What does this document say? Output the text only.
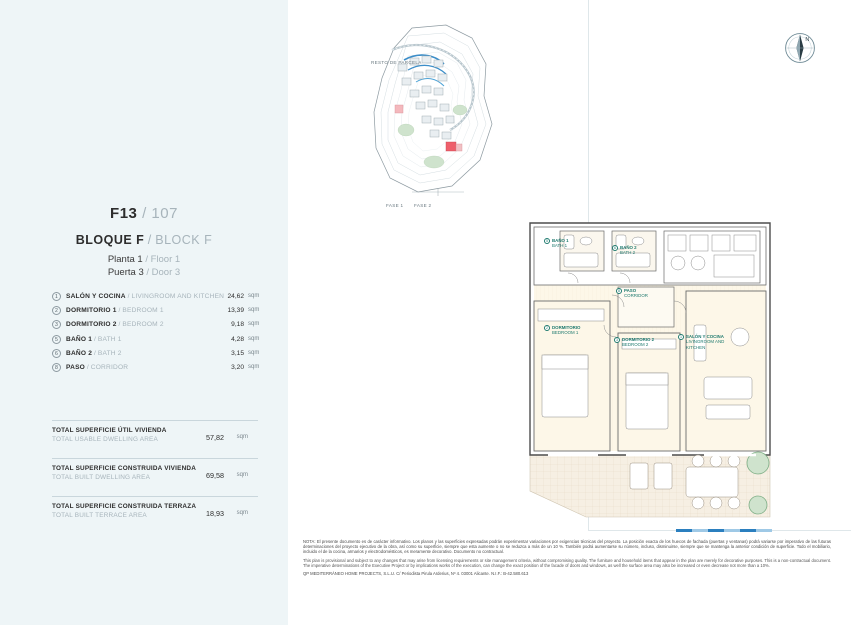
F13 / 107
BLOQUE F / BLOCK F
Planta 1 / Floor 1
Puerta 3 / Door 3
1	SALÓN Y COCINA / LIVINGROOM AND KITCHEN 24,62 sqm
2	DORMITORIO 1 / BEDROOM 1	13,39 sqm
3	DORMITORIO 2 / BEDROOM 2	9,18 sqm
5	BAÑO 1 / BATH 1	4,28 sqm
6	BAÑO 2 / BATH 2	3,15 sqm
8	PASO / CORRIDOR	3,20 sqm
TOTAL SUPERFICIE ÚTIL VIVIENDA
TOTAL USABLE DWELLING AREA	57,82 sqm
TOTAL SUPERFICIE CONSTRUIDA VIVIENDA
TOTAL BUILT DWELLING AREA	69,58 sqm
TOTAL SUPERFICIE CONSTRUIDA TERRAZA
TOTAL BUILT TERRACE AREA	18,93 sqm
N
RESTO DE PARCELA
FASE 1 FASE 2
5 BAÑO 1
BATH 1	6 BAÑO 2
BATH 2
8 PASO
CORRIDOR
2 DORMITORIO
BEDROOM 1
3 DORMITORIO 2
BEDROOM 2
1 SALÓN Y COCINA
LIVINGROOM AND KITCHEN

NOTA: El presente documento es de carácter informativo. Los planos y las superficies expresadas podrán experimentar variaciones por exigencias técnicas del proyecto. La posición exacta de los huecos de fachada (puertas y ventanas) podrá variarse por imperativo de las futuras determinaciones del proyecto ejecutivo de la obra, así como su superficie, siempre que esta aumente o no se reduzca a más de un 10 %. También podrá aumentarse su número, incluso, disminuirse, siempre que se mantenga la anterior condición de superficie. Todo el mobiliario, incluido el de la cocina, armarios y electrodomésticos, es meramente decorativo. Documento no contractual.

This plan is provisional and subject to any changes that may arise from licensing requirements or site management criteria, without compromising quality. The furniture and household items that appear in the plan are merely for decorative purposes. This is a non-contractual document. The imperative determinations of the Executive Project or by implications works of the execution, can change the exact position of the facade of doors and windows, as well the surface area may also be increased or even decrease not more than a 10%.

QP MEDITERRÁNEO HOME PROJECTS, S.L.U. C/ Periodista Pirula Arderius, Nº 4. 03001 Alicante. N.I.F.: B-42.580.613
